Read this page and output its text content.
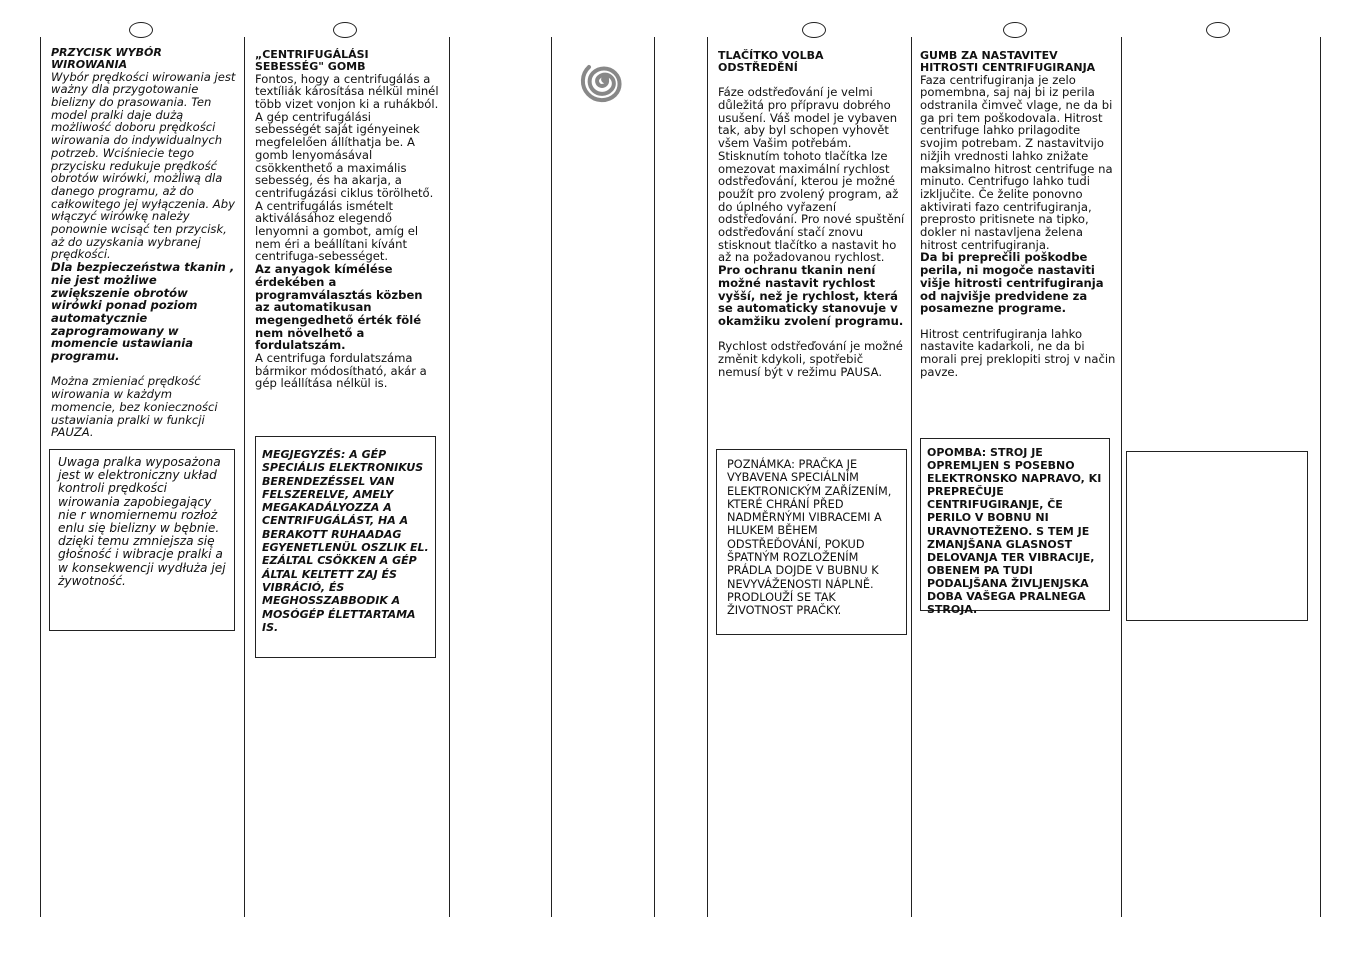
PRZYCISK WYBÓR WIROWANIA

Wybór prędkości wirowania jest ważny dla przygotowanie bielizny do prasowania. Ten model pralki daje dużą możliwość doboru prędkości wirowania do indywidualnych potrzeb. Wciśniecie tego przycisku redukuje prędkość obrotów wirówki, możliwą dla danego programu, aż do całkowitego jej wyłączenia. Aby włączyć wirówkę należy ponownie wcisąć ten przycisk, aż do uzyskania wybranej prędkości.

Dla bezpieczeństwa tkanin , nie jest możliwe zwiększenie obrotów wirówki ponad poziom automatycznie zaprogramowany w momencie ustawiania programu.

Można zmieniać prędkość wirowania w każdym momencie, bez konieczności ustawiania pralki w funkcji PAUZA.

Uwaga pralka wyposażona jest w elektroniczny układ kontroli prędkości wirowania zapobiegający nie r wnomiernemu rozłoż enlu się bielizny w bębnie. dzięki temu zmniejsza się głośność i wibracje pralki a w konsekwencji wydłuża jej żywotność.

„CENTRIFUGÁLÁSI SEBESSÉG" GOMB

Fontos, hogy a centrifugálás a textíliák károsítása nélkül minél több vizet vonjon ki a ruhákból. A gép centrifugálási sebességét saját igényeinek megfelelően állíthatja be. A gomb lenyomásával csökkenthető a maximális sebesség, és ha akarja, a centrifugázási ciklus törölhető. A centrifugálás ismételt aktiválásához elegendő lenyomni a gombot, amíg el nem éri a beállítani kívánt centrifuga-sebességet.

Az anyagok kímélése érdekében a programválasztás közben az automatikusan megengedhető érték fölé nem növelhető a fordulatszám.

A centrifuga fordulatszáma bármikor módosítható, akár a gép leállítása nélkül is.

MEGJEGYZÉS: A GÉP SPECIÁLIS ELEKTRONIKUS BERENDEZÉSSEL VAN FELSZERELVE, AMELY MEGAKADÁLYOZZA A CENTRIFUGÁLÁST, HA A BERAKOTT RUHAADAG EGYENETLENÜL OSZLIK EL. EZÁLTAL CSÖKKEN A GÉP ÁLTAL KELTETT ZAJ ÉS VIBRÁCIÓ, ÉS MEGHOSSZABBODIK A MOSÓGÉP ÉLETTARTAMA IS.

TLAČÍTKO VOLBA ODSTŘEDĚNÍ

Fáze odstřeďování je velmi důležitá pro přípravu dobrého usušení. Váš model je vybaven tak, aby byl schopen vyhovět všem Vašim potřebám. Stisknutím tohoto tlačítka lze omezovat maximální rychlost odstřeďování, kterou je možné použít pro zvolený program, až do úplného vyřazení odstřeďování. Pro nové spuštění odstřeďování stačí znovu stisknout tlačítko a nastavit ho až na požadovanou rychlost.

Pro ochranu tkanin není možné nastavit rychlost vyšší, než je rychlost, která se automaticky stanovuje v okamžiku zvolení programu.

Rychlost odstřeďování je možné změnit kdykoli, spotřebič nemusí být v režimu PAUSA.

POZNÁMKA: PRAČKA JE VYBAVENA SPECIÁLNÍM ELEKTRONICKÝM ZAŘÍZENÍM, KTERÉ CHRÁNÍ PŘED NADMĚRNÝMI VIBRACEMI A HLUKEM BĚHEM ODSTŘEĎOVÁNÍ, POKUD ŠPATNÝM ROZLOŽENÍM PRÁDLA DOJDE V BUBNU K NEVYVÁŽENOSTI NÁPLNĚ. PRODLOUŽÍ SE TAK ŽIVOTNOST PRAČKY.

GUMB ZA NASTAVITEV HITROSTI CENTRIFUGIRANJA

Faza centrifugiranja je zelo pomembna, saj naj bi iz perila odstranila čimveč vlage, ne da bi ga pri tem poškodovala. Hitrost centrifuge lahko prilagodite svojim potrebam. Z nastavitvijo nižjih vrednosti lahko znižate maksimalno hitrost centrifuge na minuto. Centrifugo lahko tudi izključite. Če želite ponovno aktivirati fazo centrifugiranja, preprosto pritisnete na tipko, dokler ni nastavljena želena hitrost centrifugiranja.

Da bi preprečili poškodbe perila, ni mogoče nastaviti višje hitrosti centrifugiranja od najvišje predvidene za posamezne programe.

Hitrost centrifugiranja lahko nastavite kadarkoli, ne da bi morali prej preklopiti stroj v način pavze.

OPOMBA: STROJ JE OPREMLJEN S POSEBNO ELEKTRONSKO NAPRAVO, KI PREPREČUJE CENTRIFUGIRANJE, ČE PERILO V BOBNU NI URAVNOTEŽENO. S TEM JE ZMANJŠANA GLASNOST DELOVANJA TER VIBRACIJE, OBENEM PA TUDI PODALJŠANA ŽIVLJENJSKA DOBA VAŠEGA PRALNEGA STROJA.
